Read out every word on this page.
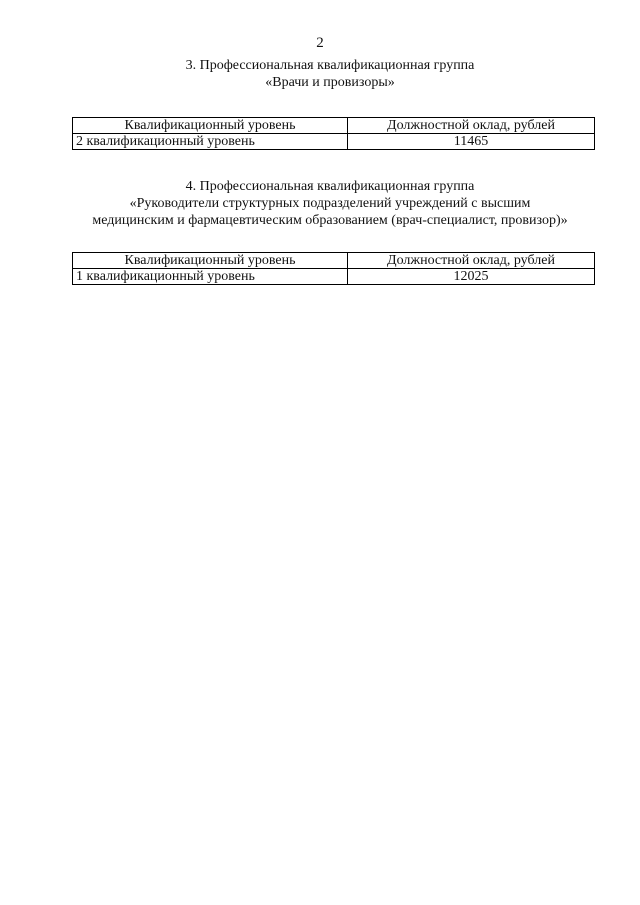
2
3. Профессиональная квалификационная группа
«Врачи и провизоры»
Квалификационный уровень	Должностной оклад, рублей
2 квалификационный уровень	11465
4. Профессиональная квалификационная группа
«Руководители структурных подразделений учреждений с высшим
медицинским и фармацевтическим образованием (врач-специалист, провизор)»
Квалификационный уровень	Должностной оклад, рублей
1 квалификационный уровень	12025
